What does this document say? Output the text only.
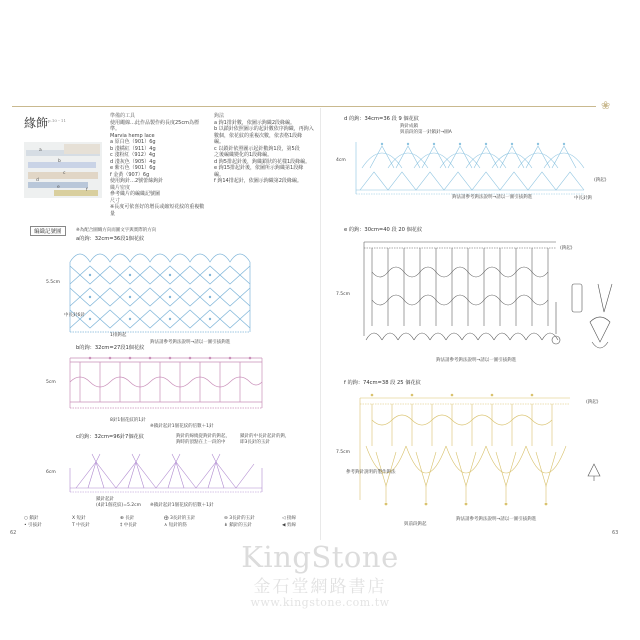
❀
緣飾$^{p.10・11}$
a
b
c
d
e
f
準備的工具
使用繩線…此作品製作約長度25cm為標準。
Marvia hemp lace
a 原白色（901）6g
b 淺橘紅（911）4g
c 淺粉紅（912）4g
d 淺灰色（905）4g
e 紫石色（901）6g
f 金黃（907）6g
使用鉤針…2號蕾絲鉤針
織片密度
參考織片的編織記號圖
尺寸
※長度可依喜好的增長或縮短花紋的重複數量
鉤法
a 鉤1排針數，依圖示鉤織2段緣編。
b 以鎖針依照圖示的起針數依序鉤織，再鉤入
數個，依花紋的重複次數，依表格1段緣
編。
c 以鎖針依照圖示起針數鉤1段，第5段
之後編織變化的1段緣編。
d 鉤5排起針後，鉤織鎖狀的花樣1段緣編。
e 鉤15排起針後，依圖所示鉤織第1段緣
編。
f 鉤14排起針，依圖示鉤織第2段緣編。
編織記號圖	※為配合圖織方向而圖文字與實際的方向
a的鉤：32cm=36段1個花紋
5.5cm
中長針6針
鉤法請參考鉤法說明→請以一圖引拔鉤進
1排鉤起
b的鉤：32cm=27段1個花紋
5cm
8針1個花紋的1針
※鎖針起針1個花紋的倍數＋1針
c的鉤：32cm=96針7個花紋	鉤針的線繞從鉤針的鉤起，
鉤時的頂點在上一段的中
鎖針的中長針起針的鉤，
即3長針的玉針
6cm
鎖針起針
(4針1個花紋)=5.2cm ※鎖針起針1個花紋的倍數＋1針
○ 鎖針	X 短針
T 中長針
⊕ 長針	⨁ 3長針的玉針	⊖ 3長針的玉針	◁ 接線
• 引拔針	‡ 中長針	∧ 短針的筋	⋔ 鎖針的玉針	◀ 剪線
62
d 的鉤：34cm=36 段 9 個花紋
鉤針成鎖
與前段的第一針鎖針→圖A
4cm
鉤法請參考鉤法說明→請以一圖引拔鉤進
(鉤起)
中長針鉤
e 的鉤：30cm=40 段 20 個花紋
7.5cm
鉤法請參考鉤法說明→請以一圖引拔鉤進
(鉤起)
f 的鉤：74cm=38 段 25 個花紋
7.5cm
參考鉤針說明的製作鉤法
鉤法請參考鉤法說明→請以一圖引拔鉤進
(鉤起)
與前段鉤起
63
KingStone
金石堂網路書店
www.kingstone.com.tw
